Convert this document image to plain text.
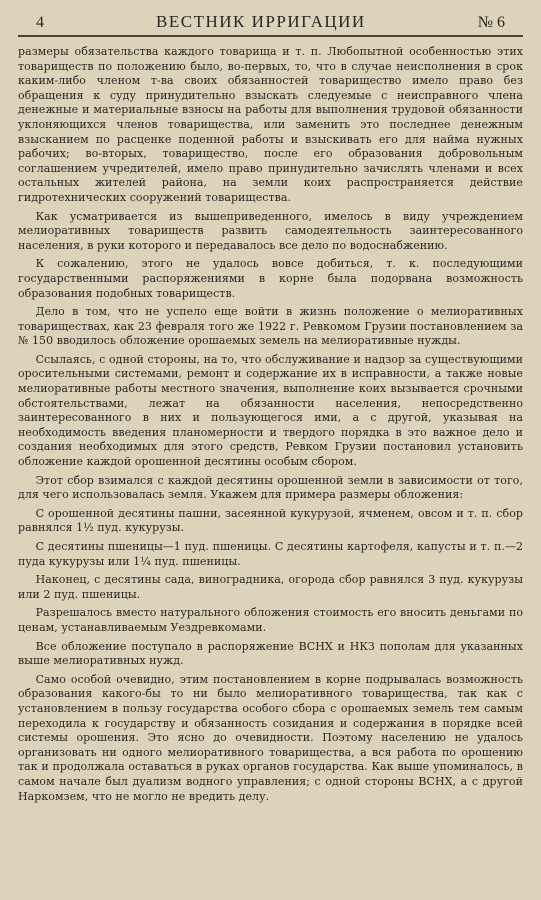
4	ВЕСТНИК ИРРИГАЦИИ	№ 6

размеры обязательства каждого товарища и т. п. Любопытной особенностью этих товариществ по положению было, во-первых, то, что в случае неисполнения в срок каким-либо членом т-ва своих обязанностей товарищество имело право без обращения к суду принудительно взыскать следуемые с неисправного члена денежные и материальные взносы на работы для выполнения трудовой обязанности уклоняющихся членов товарищества, или заменить это последнее денежным взысканием по расценке поденной работы и взыскивать его для найма нужных рабочих; во-вторых, товарищество, после его образования добровольным соглашением учредителей, имело право принудительно зачислять членами и всех остальных жителей района, на земли коих распространяется действие гидротехнических сооружений товарищества.

Как усматривается из вышеприведенного, имелось в виду учреждением мелиоративных товариществ развить самодеятельность заинтересованного населения, в руки которого и передавалось все дело по водоснабжению.

К сожалению, этого не удалось вовсе добиться, т. к. последующими государственными распоряжениями в корне была подорвана возможность образования подобных товариществ.

Дело в том, что не успело еще войти в жизнь положение о мелиоративных товариществах, как 23 февраля того же 1922 г. Ревкомом Грузии постановлением за № 150 вводилось обложение орошаемых земель на мелиоративные нужды.

Ссылаясь, с одной стороны, на то, что обслуживание и надзор за существующими оросительными системами, ремонт и содержание их в исправности, а также новые мелиоративные работы местного значения, выполнение коих вызывается срочными обстоятельствами, лежат на обязанности населения, непосредственно заинтересованного в них и пользующегося ими, а с другой, указывая на необходимость введения планомерности и твердого порядка в это важное дело и создания необходимых для этого средств, Ревком Грузии постановил установить обложение каждой орошенной десятины особым сбором.

Этот сбор взимался с каждой десятины орошенной земли в зависимости от того, для чего использовалась земля. Укажем для примера размеры обложения:

С орошенной десятины пашни, засеянной кукурузой, ячменем, овсом и т. п. сбор равнялся 1½ пуд. кукурузы.

С десятины пшеницы—1 пуд. пшеницы. С десятины картофеля, капусты и т. п.—2 пуда кукурузы или 1¼ пуд. пшеницы.

Наконец, с десятины сада, виноградника, огорода сбор равнялся 3 пуд. кукурузы или 2 пуд. пшеницы.

Разрешалось вместо натурального обложения стоимость его вносить деньгами по ценам, устанавливаемым Уездревкомами.

Все обложение поступало в распоряжение ВСНХ и НКЗ пополам для указанных выше мелиоративных нужд.

Само особой очевидно, этим постановлением в корне подрывалась возможность образования какого-бы то ни было мелиоративного товарищества, так как с установлением в пользу государства особого сбора с орошаемых земель тем самым переходила к государству и обязанность созидания и содержания в порядке всей системы орошения. Это ясно до очевидности. Поэтому населению не удалось организовать ни одного мелиоративного товарищества, а вся работа по орошению так и продолжала оставаться в руках органов государства. Как выше упоминалось, в самом начале был дуализм водного управления; с одной стороны ВСНХ, а с другой Наркомзем, что не могло не вредить делу.
